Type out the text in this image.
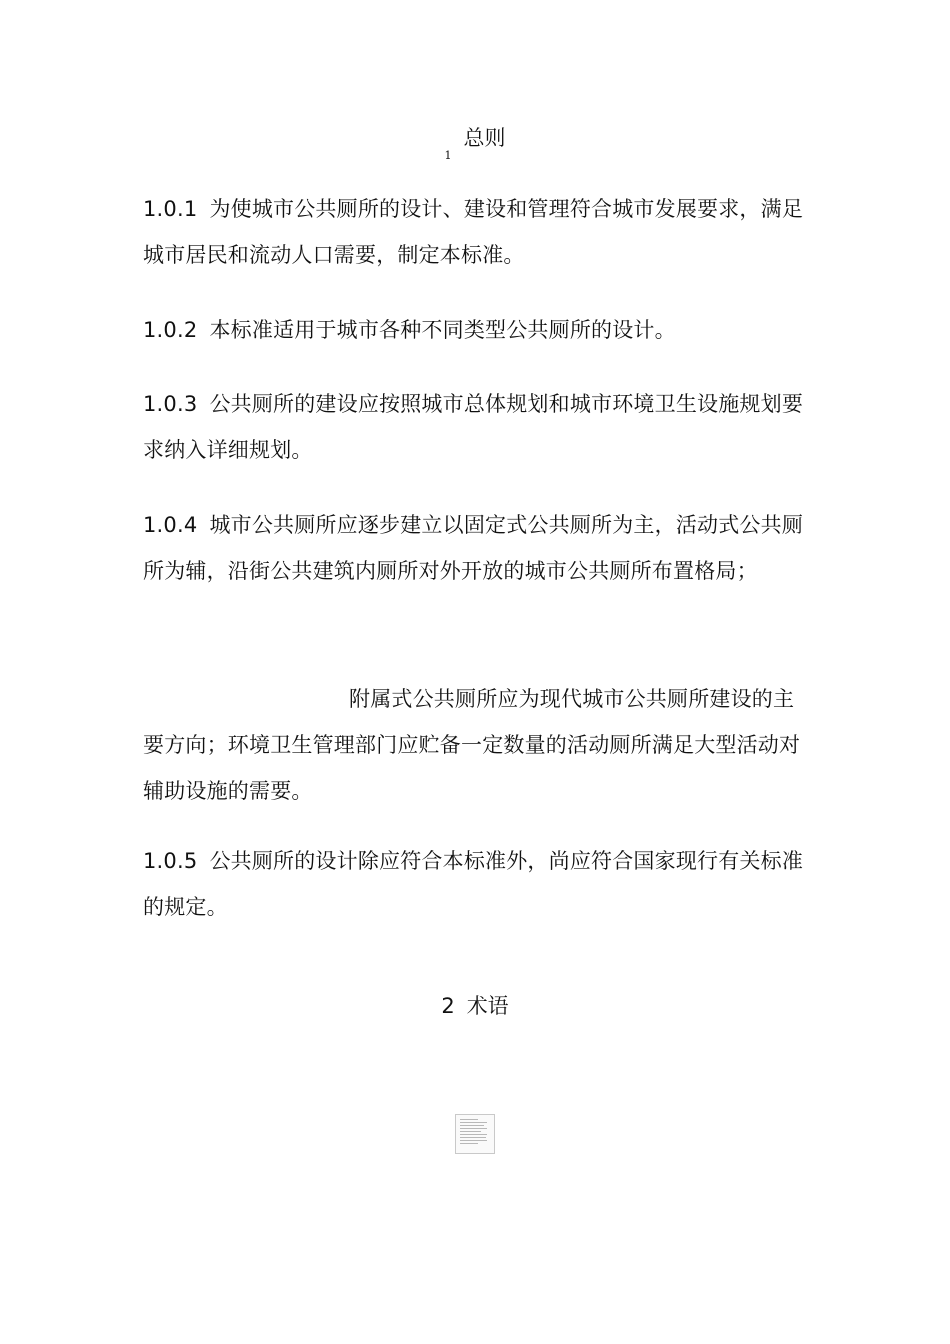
$_1$总则

1.0.1 为使城市公共厕所的设计、建设和管理符合城市发展要求，满足城市居民和流动人口需要，制定本标准。

1.0.2 本标准适用于城市各种不同类型公共厕所的设计。

1.0.3 公共厕所的建设应按照城市总体规划和城市环境卫生设施规划要求纳入详细规划。

1.0.4 城市公共厕所应逐步建立以固定式公共厕所为主，活动式公共厕所为辅，沿街公共建筑内厕所对外开放的城市公共厕所布置格局；

附属式公共厕所应为现代城市公共厕所建设的主要方向；环境卫生管理部门应贮备一定数量的活动厕所满足大型活动对辅助设施的需要。

1.0.5 公共厕所的设计除应符合本标准外，尚应符合国家现行有关标准的规定。

2 术语
